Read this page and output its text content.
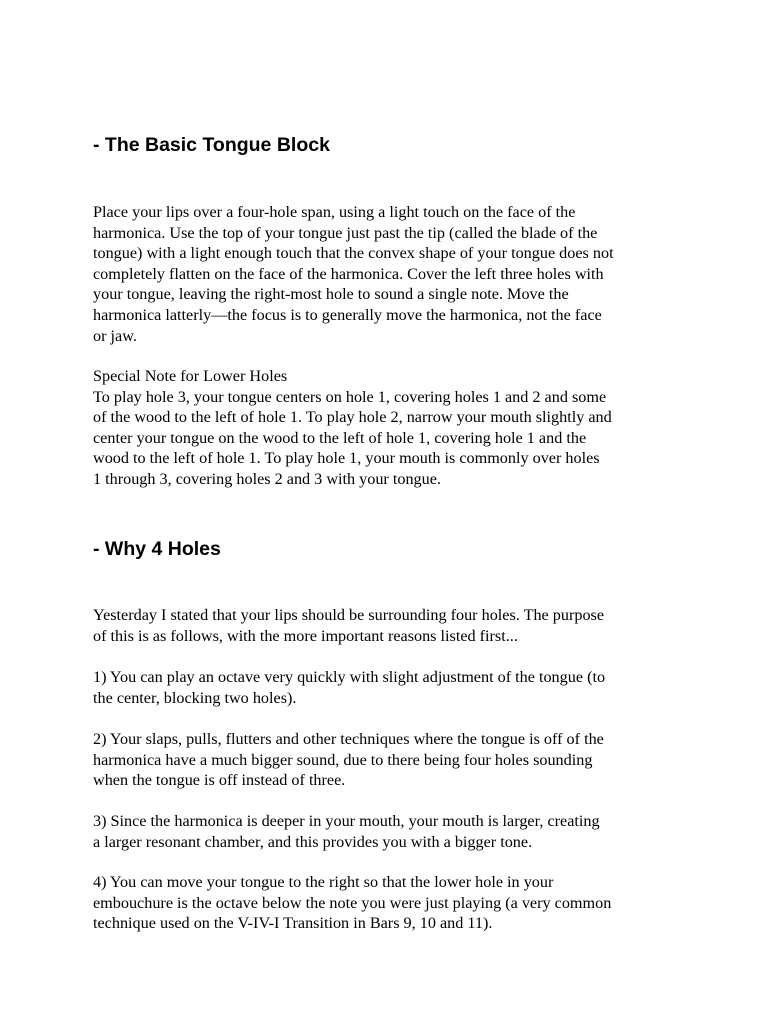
- The Basic Tongue Block

Place your lips over a four-hole span, using a light touch on the face of the
harmonica. Use the top of your tongue just past the tip (called the blade of the
tongue) with a light enough touch that the convex shape of your tongue does not
completely flatten on the face of the harmonica. Cover the left three holes with
your tongue, leaving the right-most hole to sound a single note. Move the
harmonica latterly—the focus is to generally move the harmonica, not the face
or jaw.

Special Note for Lower Holes
To play hole 3, your tongue centers on hole 1, covering holes 1 and 2 and some
of the wood to the left of hole 1. To play hole 2, narrow your mouth slightly and
center your tongue on the wood to the left of hole 1, covering hole 1 and the
wood to the left of hole 1. To play hole 1, your mouth is commonly over holes
1 through 3, covering holes 2 and 3 with your tongue.

- Why 4 Holes

Yesterday I stated that your lips should be surrounding four holes. The purpose
of this is as follows, with the more important reasons listed first...

1) You can play an octave very quickly with slight adjustment of the tongue (to
the center, blocking two holes).

2) Your slaps, pulls, flutters and other techniques where the tongue is off of the
harmonica have a much bigger sound, due to there being four holes sounding
when the tongue is off instead of three.

3) Since the harmonica is deeper in your mouth, your mouth is larger, creating
a larger resonant chamber, and this provides you with a bigger tone.

4) You can move your tongue to the right so that the lower hole in your
embouchure is the octave below the note you were just playing (a very common
technique used on the V-IV-I Transition in Bars 9, 10 and 11).
